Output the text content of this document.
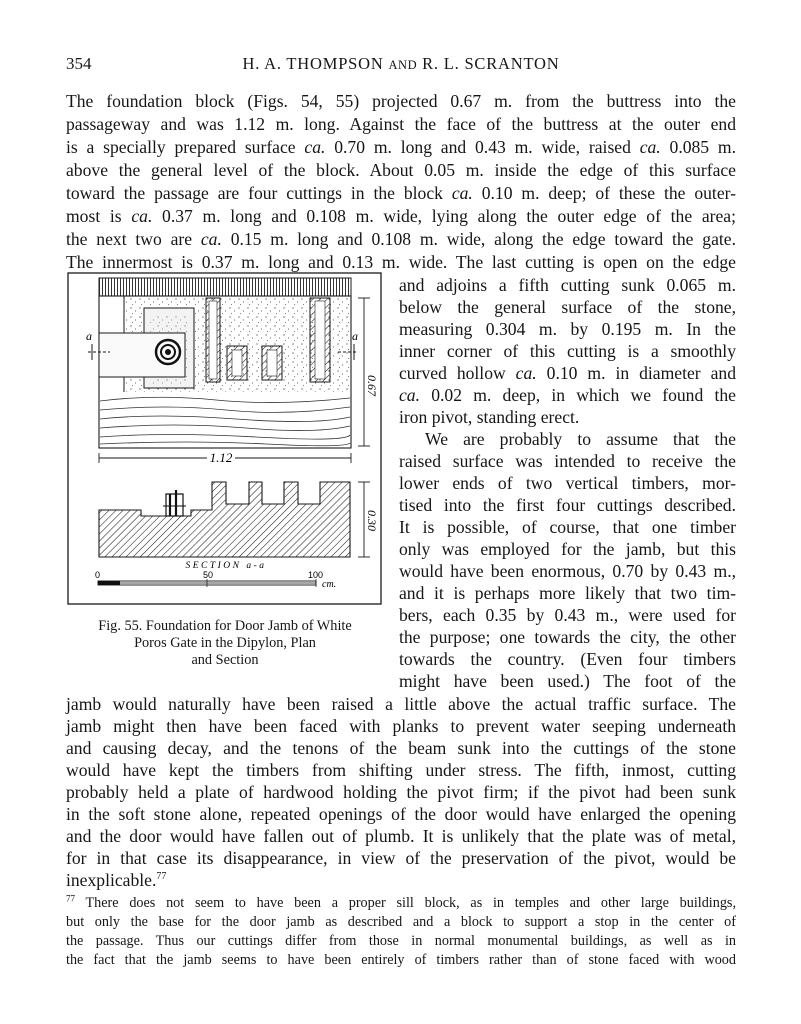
354	H. A. THOMPSON AND R. L. SCRANTON
The foundation block (Figs. 54, 55) projected 0.67 m. from the buttress into the
passageway and was 1.12 m. long. Against the face of the buttress at the outer end
is a specially prepared surface ca. 0.70 m. long and 0.43 m. wide, raised ca. 0.085 m.
above the general level of the block. About 0.05 m. inside the edge of this surface
toward the passage are four cuttings in the block ca. 0.10 m. deep; of these the outer-
most is ca. 0.37 m. long and 0.108 m. wide, lying along the outer edge of the area;
the next two are ca. 0.15 m. long and 0.108 m. wide, along the edge toward the gate.
The innermost is 0.37 m. long and 0.13 m. wide. The last cutting is open on the edge
and adjoins a fifth cutting sunk 0.065 m.
below the general surface of the stone,
measuring 0.304 m. by 0.195 m. In the
inner corner of this cutting is a smoothly
curved hollow ca. 0.10 m. in diameter and
ca. 0.02 m. deep, in which we found the
iron pivot, standing erect.
We are probably to assume that the
raised surface was intended to receive the
lower ends of two vertical timbers, mor-
tised into the first four cuttings described.
It is possible, of course, that one timber
only was employed for the jamb, but this
would have been enormous, 0.70 by 0.43 m.,
and it is perhaps more likely that two tim-
bers, each 0.35 by 0.43 m., were used for
the purpose; one towards the city, the other
towards the country. (Even four timbers
might have been used.) The foot of the
jamb would naturally have been raised a little above the actual traffic surface. The
jamb might then have been faced with planks to prevent water seeping underneath
and causing decay, and the tenons of the beam sunk into the cuttings of the stone
would have kept the timbers from shifting under stress. The fifth, inmost, cutting
probably held a plate of hardwood holding the pivot firm; if the pivot had been sunk
in the soft stone alone, repeated openings of the door would have enlarged the opening
and the door would have fallen out of plumb. It is unlikely that the plate was of metal,
for in that case its disappearance, in view of the preservation of the pivot, would be
inexplicable.$^{77}$
a	a
0.67
1.12
0.30
SECTION a-a
0	50	100
cm.
Fig. 55. Foundation for Door Jamb of White
Poros Gate in the Dipylon, Plan
and Section
$^{77}$ There does not seem to have been a proper sill block, as in temples and other large buildings,
but only the base for the door jamb as described and a block to support a stop in the center of
the passage. Thus our cuttings differ from those in normal monumental buildings, as well as in
the fact that the jamb seems to have been entirely of timbers rather than of stone faced with wood
